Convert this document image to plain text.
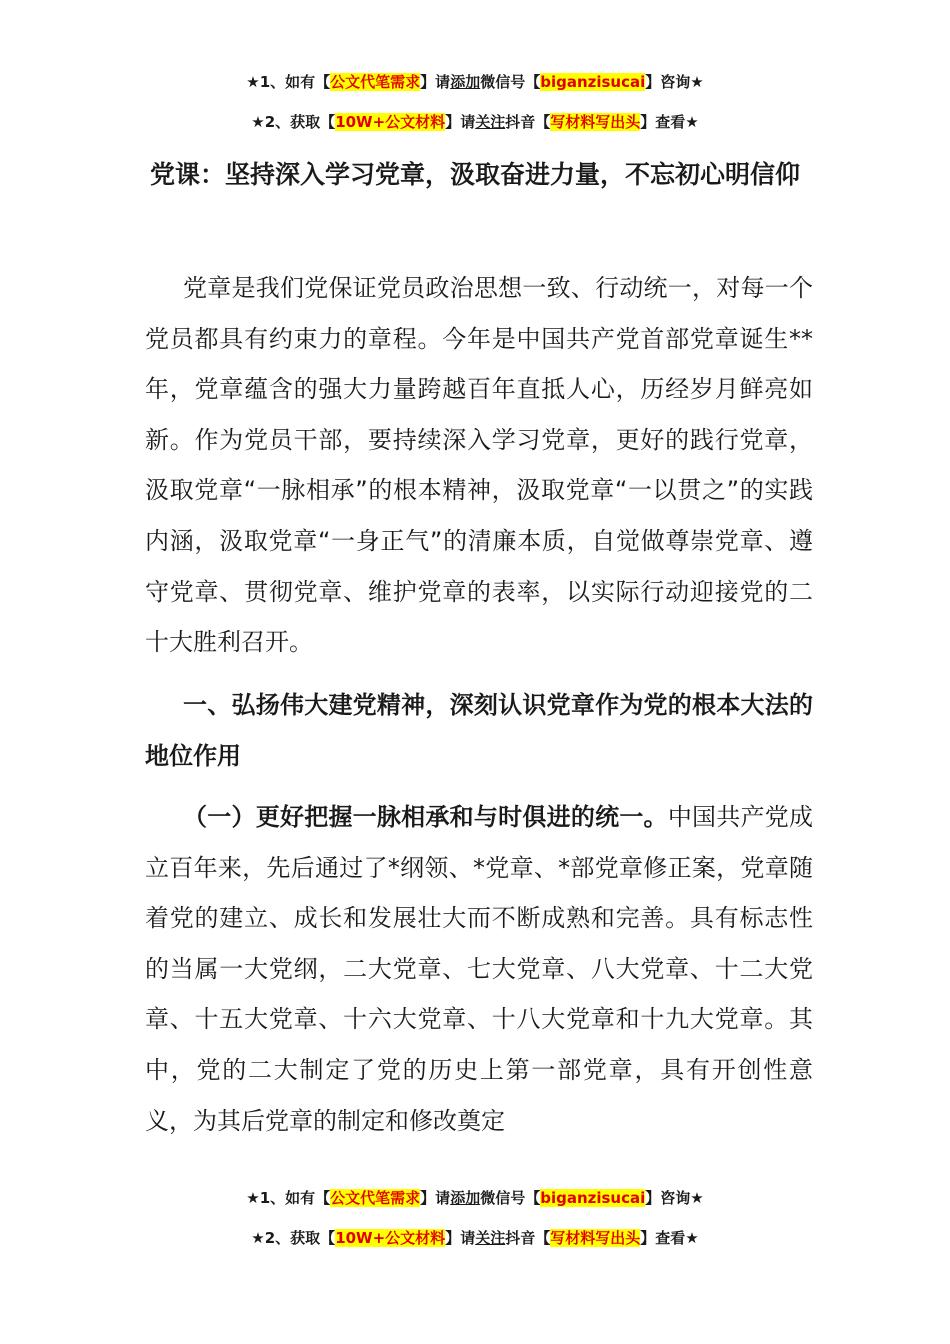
★1、如有【公文代笔需求】请添加微信号【biganzisucai】咨询★
★2、获取【10W+公文材料】请关注抖音【写材料写出头】查看★
党课：坚持深入学习党章，汲取奋进力量，不忘初心明信仰
党章是我们党保证党员政治思想一致、行动统一，对每一个党员都具有约束力的章程。今年是中国共产党首部党章诞生**年，党章蕴含的强大力量跨越百年直抵人心，历经岁月鲜亮如新。作为党员干部，要持续深入学习党章，更好的践行党章，汲取党章“一脉相承”的根本精神，汲取党章“一以贯之”的实践内涵，汲取党章“一身正气”的清廉本质，自觉做尊崇党章、遵守党章、贯彻党章、维护党章的表率，以实际行动迎接党的二十大胜利召开。
一、弘扬伟大建党精神，深刻认识党章作为党的根本大法的地位作用
（一）更好把握一脉相承和与时俱进的统一。中国共产党成立百年来，先后通过了*纲领、*党章、*部党章修正案，党章随着党的建立、成长和发展壮大而不断成熟和完善。具有标志性的当属一大党纲，二大党章、七大党章、八大党章、十二大党章、十五大党章、十六大党章、十八大党章和十九大党章。其中，党的二大制定了党的历史上第一部党章，具有开创性意义，为其后党章的制定和修改奠定
★1、如有【公文代笔需求】请添加微信号【biganzisucai】咨询★
★2、获取【10W+公文材料】请关注抖音【写材料写出头】查看★
